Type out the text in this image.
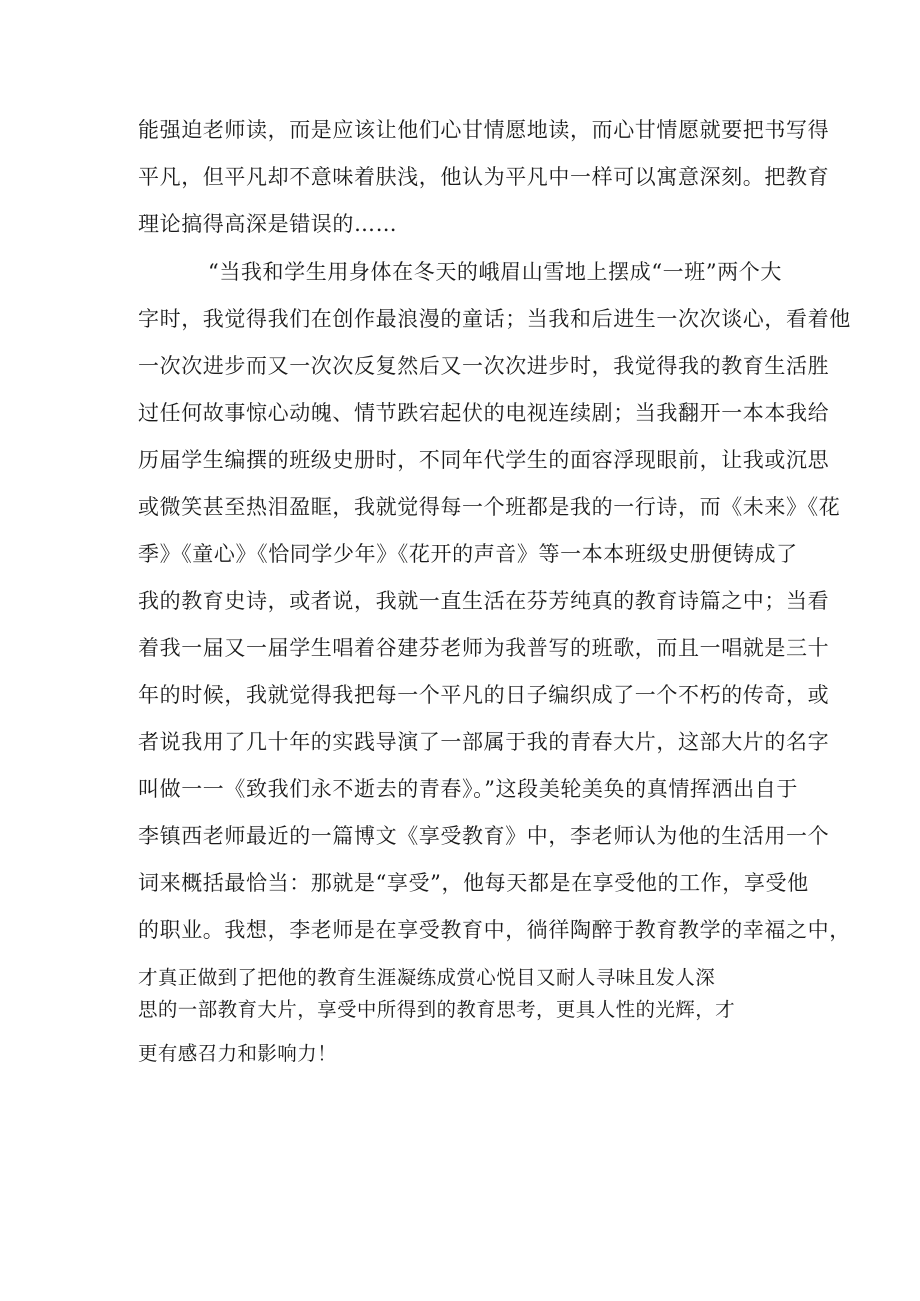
能强迫老师读，而是应该让他们心甘情愿地读，而心甘情愿就要把书写得
平凡，但平凡却不意味着肤浅，他认为平凡中一样可以寓意深刻。把教育
理论搞得高深是错误的……
“当我和学生用身体在冬天的峨眉山雪地上摆成“一班”两个大
字时，我觉得我们在创作最浪漫的童话；当我和后进生一次次谈心，看着他
一次次进步而又一次次反复然后又一次次进步时，我觉得我的教育生活胜
过任何故事惊心动魄、情节跌宕起伏的电视连续剧；当我翻开一本本我给
历届学生编撰的班级史册时，不同年代学生的面容浮现眼前，让我或沉思
或微笑甚至热泪盈眶，我就觉得每一个班都是我的一行诗，而《未来》《花
季》《童心》《恰同学少年》《花开的声音》等一本本班级史册便铸成了
我的教育史诗，或者说，我就一直生活在芬芳纯真的教育诗篇之中；当看
着我一届又一届学生唱着谷建芬老师为我普写的班歌，而且一唱就是三十
年的时候，我就觉得我把每一个平凡的日子编织成了一个不朽的传奇，或
者说我用了几十年的实践导演了一部属于我的青春大片，这部大片的名字
叫做一一《致我们永不逝去的青春》。”这段美轮美奂的真情挥洒出自于
李镇西老师最近的一篇博文《享受教育》中，李老师认为他的生活用一个
词来概括最恰当：那就是“享受”，他每天都是在享受他的工作，享受他
的职业。我想，李老师是在享受教育中，徜徉陶醉于教育教学的幸福之中，
才真正做到了把他的教育生涯凝练成赏心悦目又耐人寻味且发人深
思的一部教育大片，享受中所得到的教育思考，更具人性的光辉，才
更有感召力和影响力！
